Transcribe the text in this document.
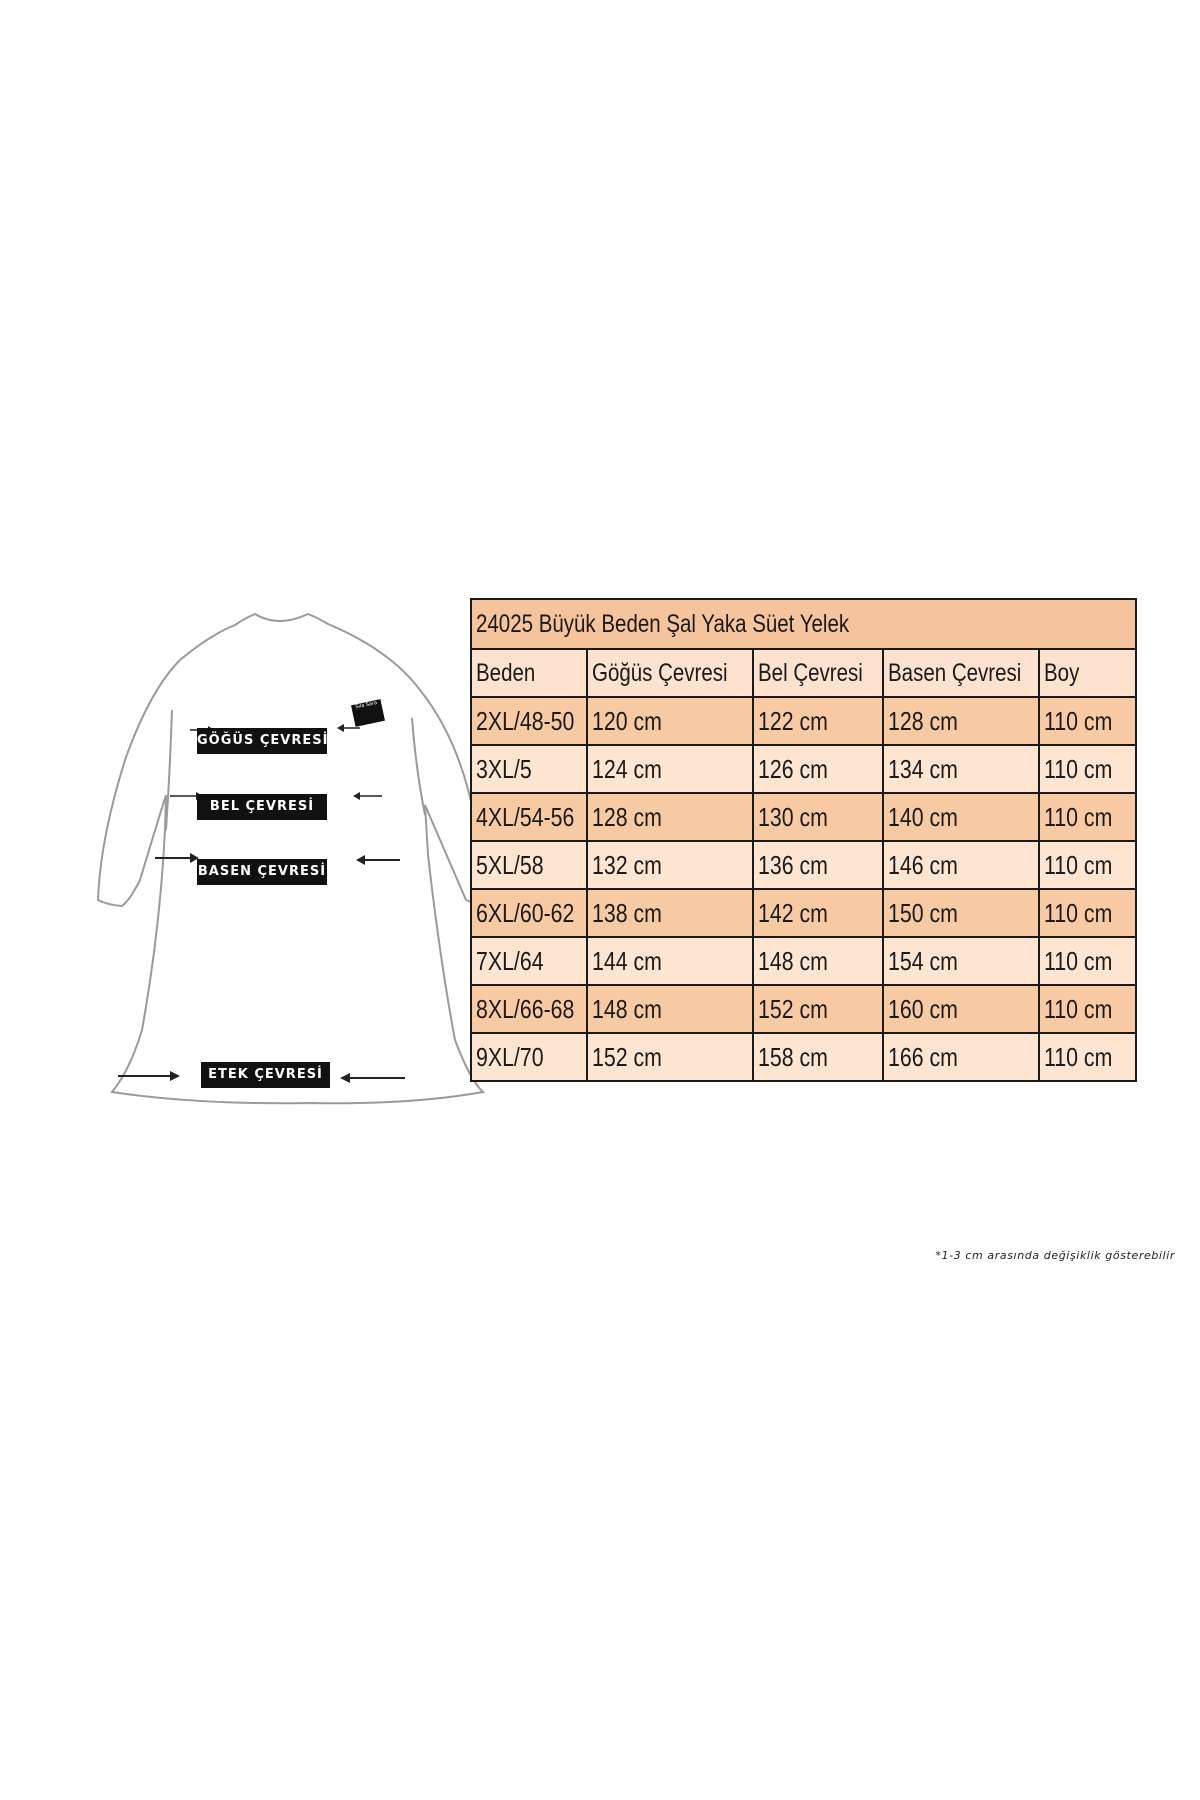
GÖĞÜS ÇEVRESİ
BEL ÇEVRESİ
BASEN ÇEVRESİ
ETEK ÇEVRESİ
Sıla Sara
24025 Büyük Beden Şal Yaka Süet Yelek				
Beden	Göğüs Çevresi	Bel Çevresi	Basen Çevresi	Boy
2XL/48-50	120 cm	122 cm	128 cm	110 cm
3XL/5	124 cm	126 cm	134 cm	110 cm
4XL/54-56	128 cm	130 cm	140 cm	110 cm
5XL/58	132 cm	136 cm	146 cm	110 cm
6XL/60-62	138 cm	142 cm	150 cm	110 cm
7XL/64	144 cm	148 cm	154 cm	110 cm
8XL/66-68	148 cm	152 cm	160 cm	110 cm
9XL/70	152 cm	158 cm	166 cm	110 cm
*1-3 cm arasında değişiklik gösterebilir
